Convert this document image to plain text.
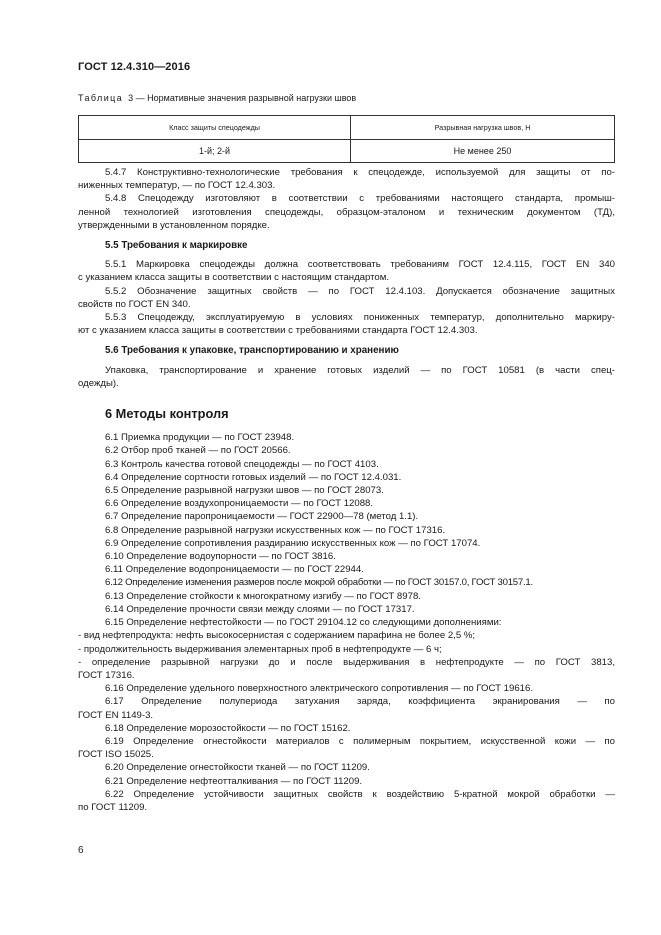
ГОСТ 12.4.310—2016
Таблица 3 — Нормативные значения разрывной нагрузки швов
Класс защиты спецодежды	Разрывная нагрузка швов, Н
1-й; 2-й	Не менее 250

5.4.7 Конструктивно-технологические требования к спецодежде, используемой для защиты от по-

ниженных температур, — по ГОСТ 12.4.303.

5.4.8 Спецодежду изготовляют в соответствии с требованиями настоящего стандарта, промыш-

ленной технологией изготовления спецодежды, образцом-эталоном и техническим документом (ТД),

утвержденными в установленном порядке.

5.5 Требования к маркировке

5.5.1 Маркировка спецодежды должна соответствовать требованиям ГОСТ 12.4.115, ГОСТ EN 340

с указанием класса защиты в соответствии с настоящим стандартом.

5.5.2 Обозначение защитных свойств — по ГОСТ 12.4.103. Допускается обозначение защитных

свойств по ГОСТ EN 340.

5.5.3 Спецодежду, эксплуатируемую в условиях пониженных температур, дополнительно маркиру-

ют с указанием класса защиты в соответствии с требованиями стандарта ГОСТ 12.4.303.

5.6 Требования к упаковке, транспортированию и хранению

Упаковка, транспортирование и хранение готовых изделий — по ГОСТ 10581 (в части спец-

одежды).

6 Методы контроля

6.1 Приемка продукции — по ГОСТ 23948.

6.2 Отбор проб тканей — по ГОСТ 20566.

6.3 Контроль качества готовой спецодежды — по ГОСТ 4103.

6.4 Определение сортности готовых изделий — по ГОСТ 12.4.031.

6.5 Определение разрывной нагрузки швов — по ГОСТ 28073.

6.6 Определение воздухопроницаемости — по ГОСТ 12088.

6.7 Определение паропроницаемости — ГОСТ 22900—78 (метод 1.1).

6.8 Определение разрывной нагрузки искусственных кож — по ГОСТ 17316.

6.9 Определение сопротивления раздиранию искусственных кож — по ГОСТ 17074.

6.10 Определение водоупорности — по ГОСТ 3816.

6.11 Определение водопроницаемости — по ГОСТ 22944.

6.12 Определение изменения размеров после мокрой обработки — по ГОСТ 30157.0, ГОСТ 30157.1.

6.13 Определение стойкости к многократному изгибу — по ГОСТ 8978.

6.14 Определение прочности связи между слоями — по ГОСТ 17317.

6.15 Определение нефтестойкости — по ГОСТ 29104.12 со следующими дополнениями:

- вид нефтепродукта: нефть высокосернистая с содержанием парафина не более 2,5 %;

- продолжительность выдерживания элементарных проб в нефтепродукте — 6 ч;

- определение разрывной нагрузки до и после выдерживания в нефтепродукте — по ГОСТ 3813,

ГОСТ 17316.

6.16 Определение удельного поверхностного электрического сопротивления — по ГОСТ 19616.

6.17 Определение полупериода затухания заряда, коэффициента экранирования — по

ГОСТ EN 1149-3.

6.18 Определение морозостойкости — по ГОСТ 15162.

6.19 Определение огнестойкости материалов с полимерным покрытием, искусственной кожи — по

ГОСТ ISO 15025.

6.20 Определение огнестойкости тканей — по ГОСТ 11209.

6.21 Определение нефтеотталкивания — по ГОСТ 11209.

6.22 Определение устойчивости защитных свойств к воздействию 5-кратной мокрой обработки —

по ГОСТ 11209.

6
